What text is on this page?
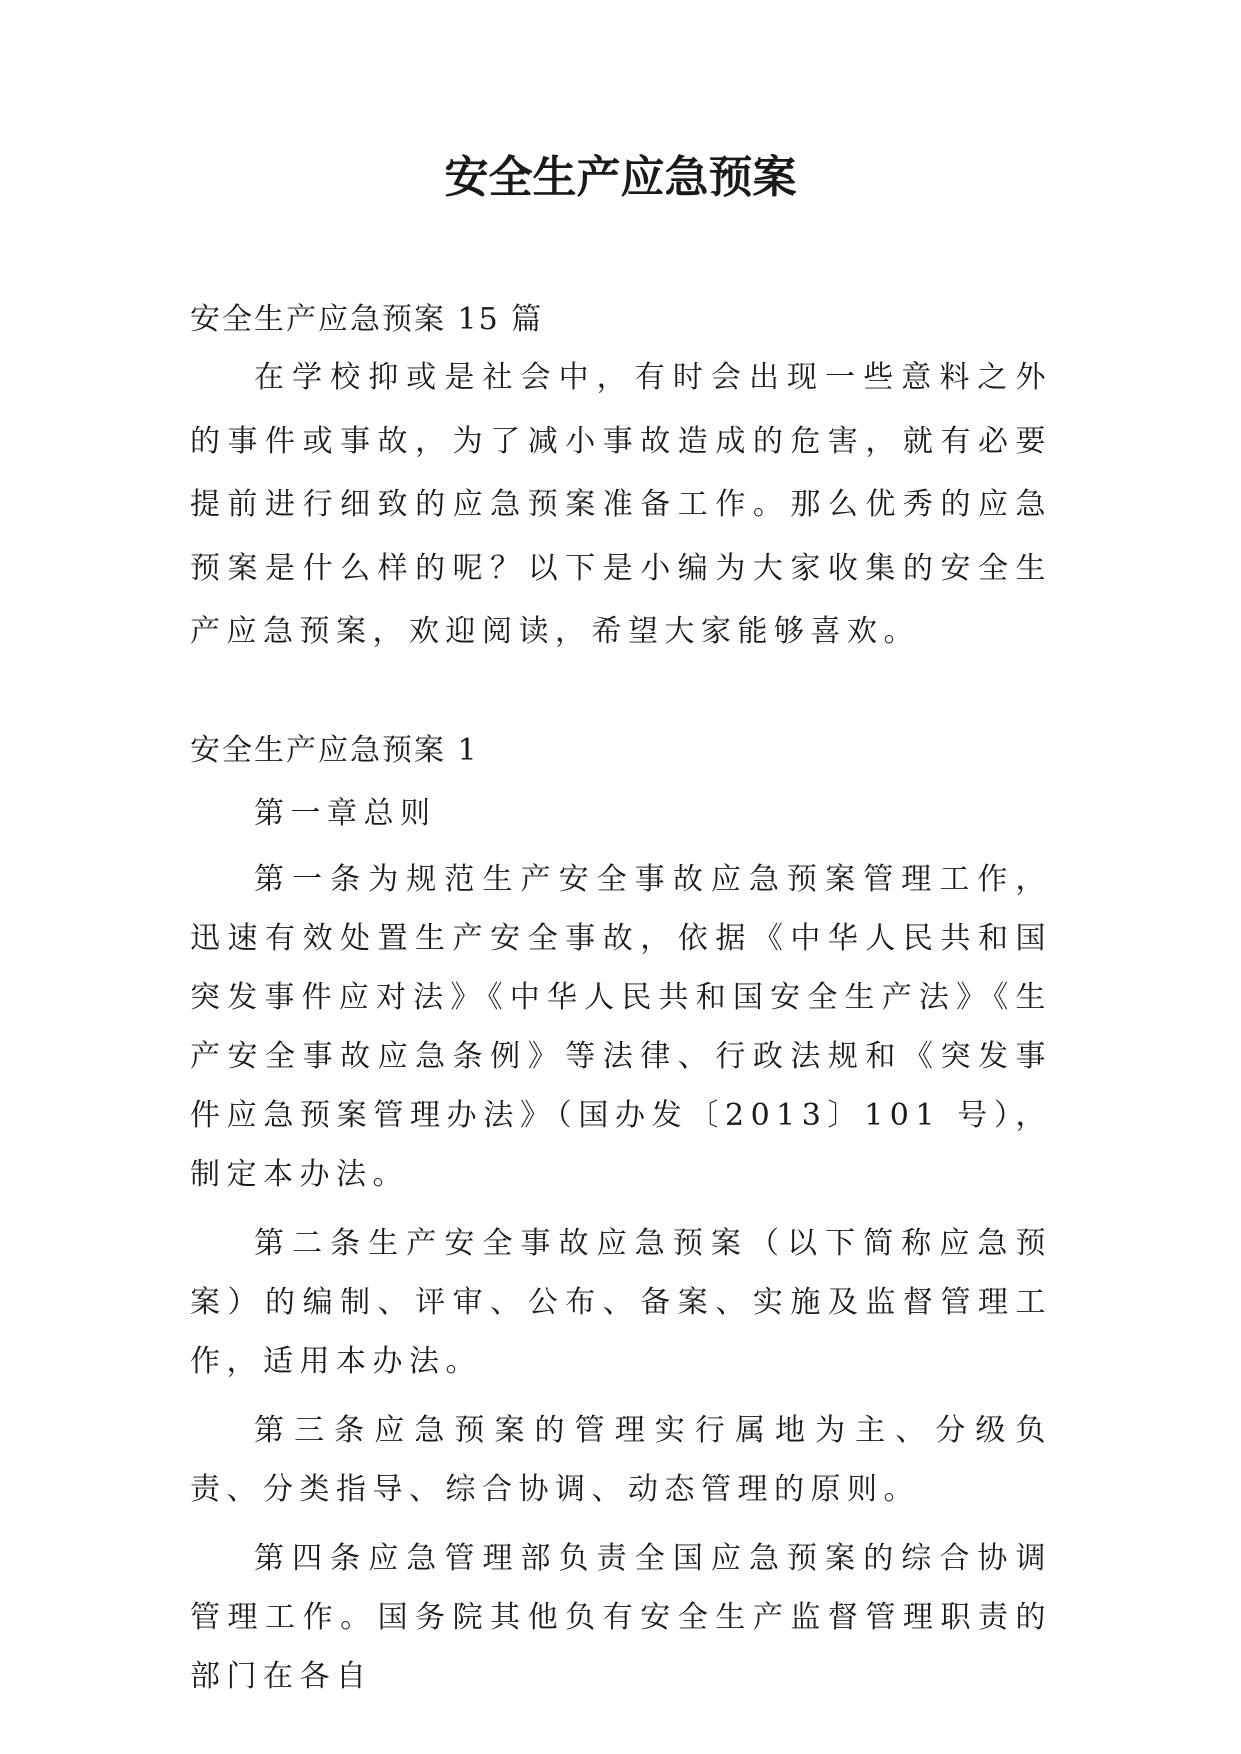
安全生产应急预案

安全生产应急预案 15 篇

在学校抑或是社会中，有时会出现一些意料之外的事件或事故，为了减小事故造成的危害，就有必要提前进行细致的应急预案准备工作。那么优秀的应急预案是什么样的呢？以下是小编为大家收集的安全生产应急预案，欢迎阅读，希望大家能够喜欢。

安全生产应急预案 1

第一章总则

第一条为规范生产安全事故应急预案管理工作，迅速有效处置生产安全事故，依据《中华人民共和国突发事件应对法》《中华人民共和国安全生产法》《生产安全事故应急条例》等法律、行政法规和《突发事件应急预案管理办法》（国办发〔2013〕101 号），制定本办法。

第二条生产安全事故应急预案（以下简称应急预案）的编制、评审、公布、备案、实施及监督管理工作，适用本办法。

第三条应急预案的管理实行属地为主、分级负责、分类指导、综合协调、动态管理的原则。

第四条应急管理部负责全国应急预案的综合协调管理工作。国务院其他负有安全生产监督管理职责的部门在各自
